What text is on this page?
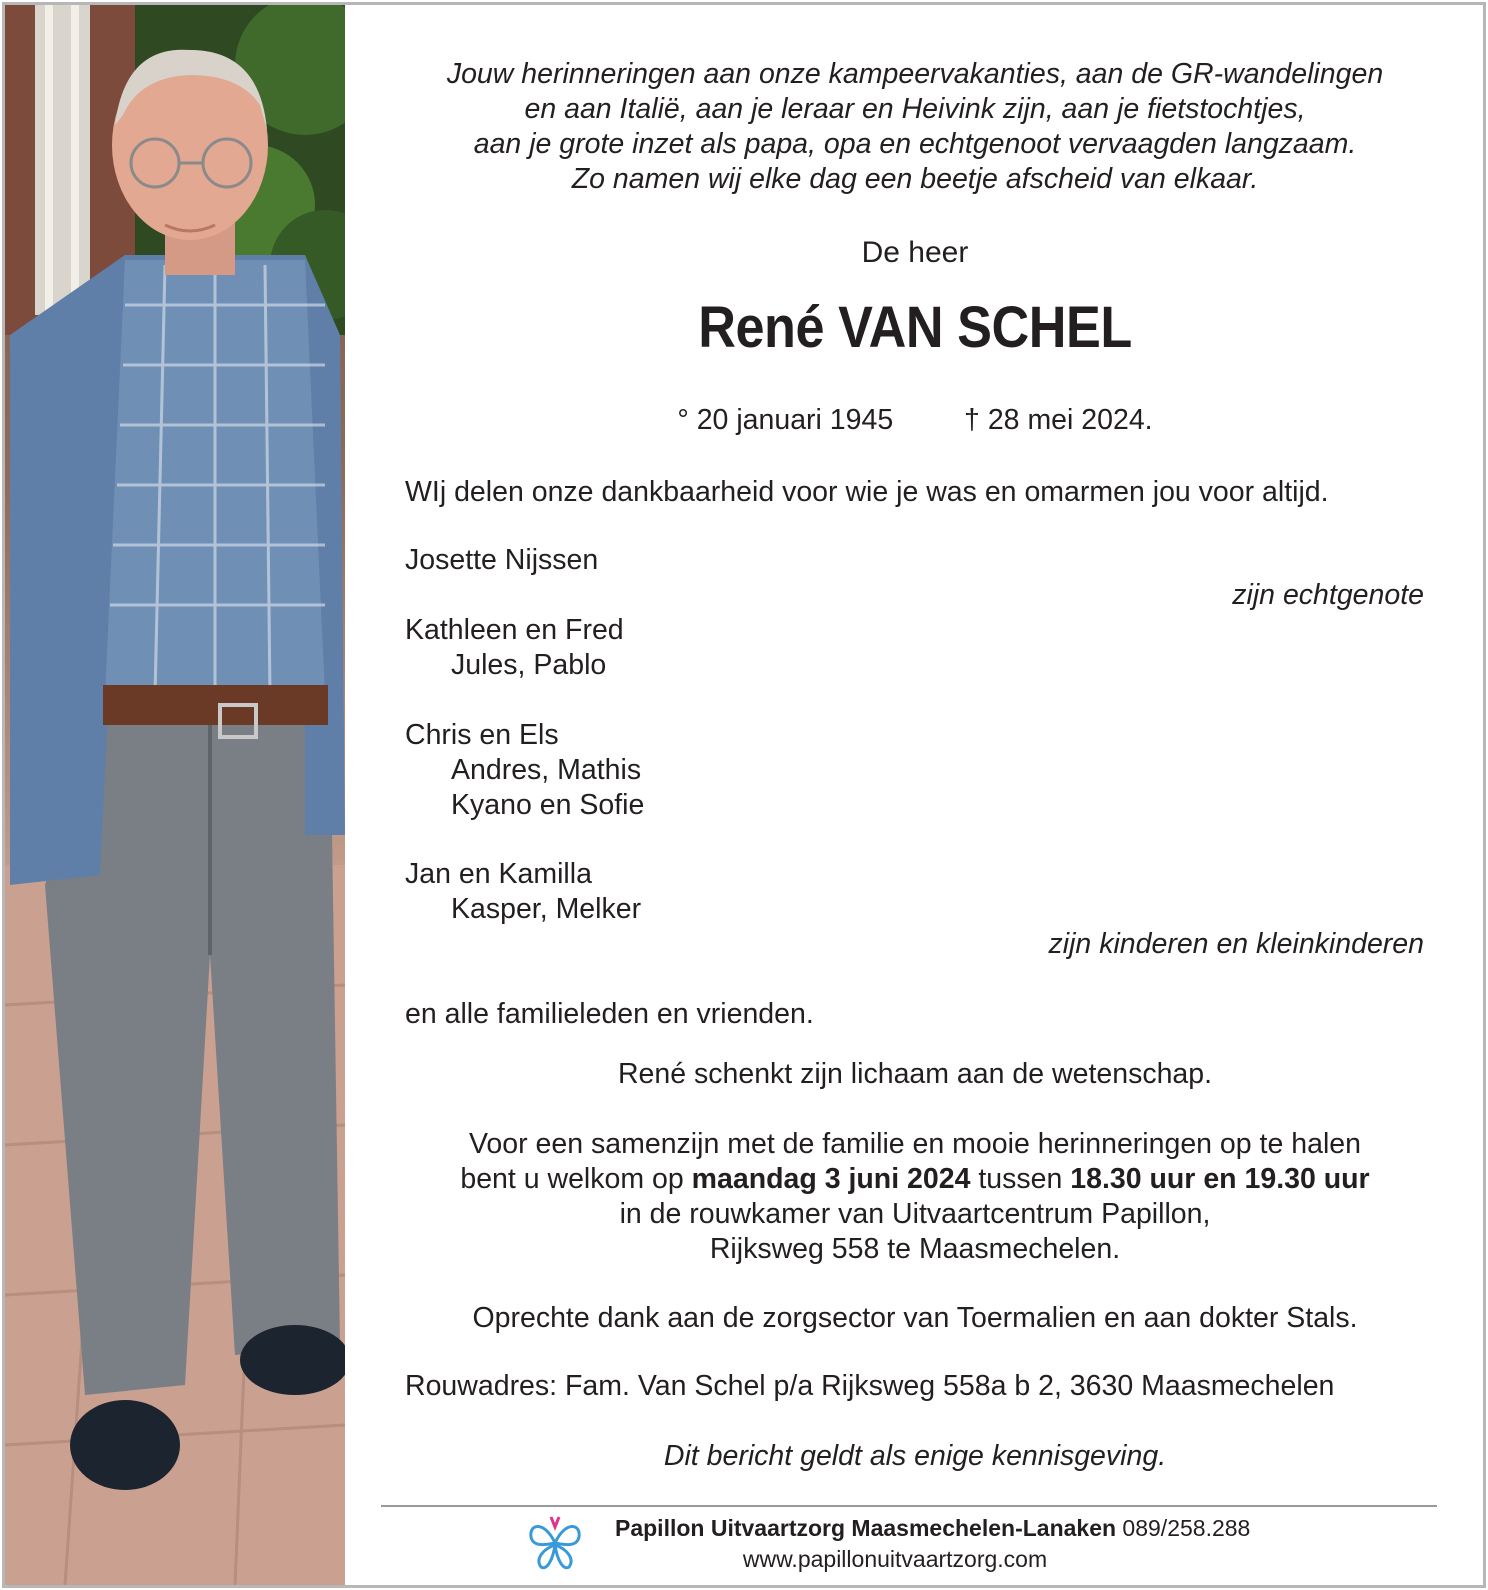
Jouw herinneringen aan onze kampeervakanties, aan de GR-wandelingen
en aan Italië, aan je leraar en Heivink zijn, aan je fietstochtjes,
aan je grote inzet als papa, opa en echtgenoot vervaagden langzaam.
Zo namen wij elke dag een beetje afscheid van elkaar.
De heer
René VAN SCHEL
° 20 januari 1945 † 28 mei 2024.
WIj delen onze dankbaarheid voor wie je was en omarmen jou voor altijd.
Josette Nijssen
zijn echtgenote
Kathleen en Fred
Jules, Pablo
Chris en Els
Andres, Mathis
Kyano en Sofie
Jan en Kamilla
Kasper, Melker
zijn kinderen en kleinkinderen
en alle familieleden en vrienden.
René schenkt zijn lichaam aan de wetenschap.
Voor een samenzijn met de familie en mooie herinneringen op te halen
bent u welkom op maandag 3 juni 2024 tussen 18.30 uur en 19.30 uur
in de rouwkamer van Uitvaartcentrum Papillon,
Rijksweg 558 te Maasmechelen.
Oprechte dank aan de zorgsector van Toermalien en aan dokter Stals.
Rouwadres: Fam. Van Schel p/a Rijksweg 558a b 2, 3630 Maasmechelen
Dit bericht geldt als enige kennisgeving.
Papillon Uitvaartzorg Maasmechelen-Lanaken 089/258.288
www.papillonuitvaartzorg.com
